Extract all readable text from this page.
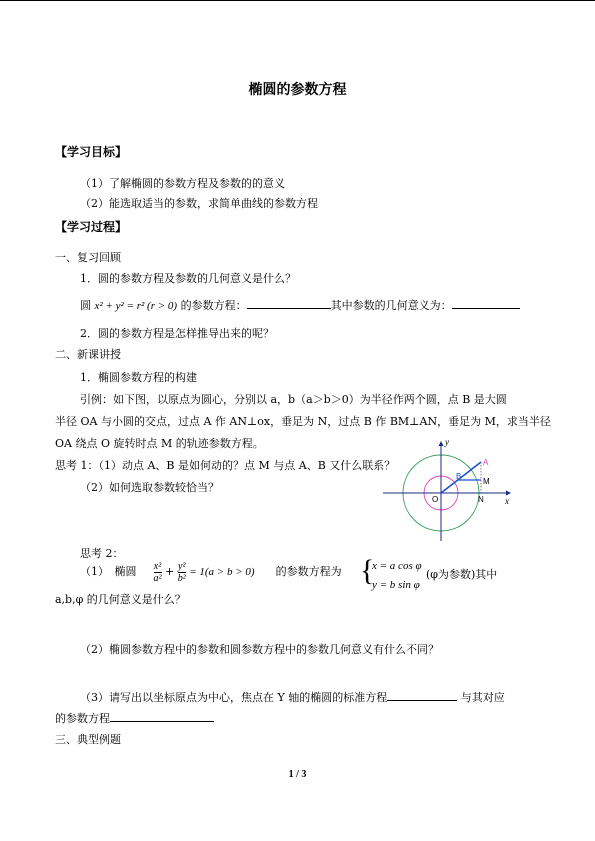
椭圆的参数方程
【学习目标】
（1）了解椭圆的参数方程及参数的的意义
（2）能选取适当的参数，求简单曲线的参数方程
【学习过程】
一、复习回顾
1．圆的参数方程及参数的几何意义是什么？
圆 x² + y² = r² (r > 0) 的参数方程：	其中参数的几何意义为：
2．圆的参数方程是怎样推导出来的呢？
二、新课讲授
1．椭圆参数方程的构建
引例：如下图，以原点为圆心，分别以 a，b（a＞b＞0）为半径作两个圆，点 B 是大圆
半径 OA 与小圆的交点，过点 A 作 AN⊥ox，垂足为 N，过点 B 作 BM⊥AN，垂足为 M，求当半径
OA 绕点 O 旋转时点 M 的轨迹参数方程。
思考 1：（1）动点 A、B 是如何动的？点 M 与点 A、B 又什么联系？
（2）如何选取参数较恰当？
y
x
A
B
M
O	N
思考 2：
（1）　椭圆 $\frac{\text{x²}}{\text{a²}} + \frac{\text{y²}}{\text{b²}} = 1(a > b > 0)$ 的参数方程为 {
x = a cos φ
y = b sin φ
(φ为参数)其中
a,b,φ 的几何意义是什么？
（2）椭圆参数方程中的参数和圆参数方程中的参数几何意义有什么不同？
（3）请写出以坐标原点为中心，焦点在 Y 轴的椭圆的标准方程	与其对应
的参数方程
三、典型例题
1 / 3
